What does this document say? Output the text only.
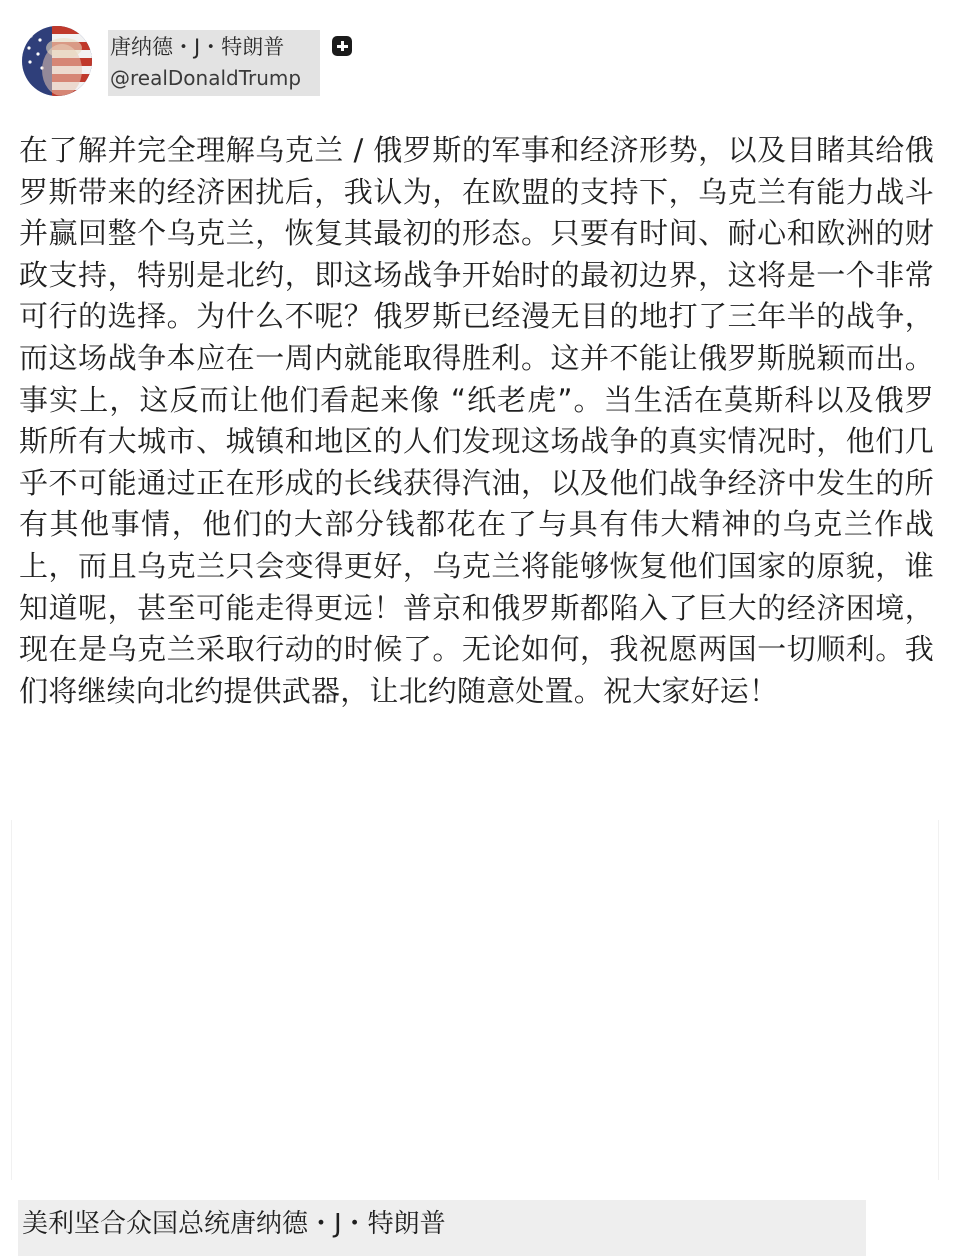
唐纳德・J・特朗普
@realDonaldTrump
在了解并完全理解乌克兰 / 俄罗斯的军事和经济形势，以及目睹其给俄罗斯带来的经济困扰后，我认为，在欧盟的支持下，乌克兰有能力战斗并赢回整个乌克兰，恢复其最初的形态。只要有时间、耐心和欧洲的财政支持，特别是北约，即这场战争开始时的最初边界，这将是一个非常可行的选择。为什么不呢？俄罗斯已经漫无目的地打了三年半的战争，而这场战争本应在一周内就能取得胜利。这并不能让俄罗斯脱颖而出。事实上，这反而让他们看起来像 “纸老虎”。当生活在莫斯科以及俄罗斯所有大城市、城镇和地区的人们发现这场战争的真实情况时，他们几乎不可能通过正在形成的长线获得汽油，以及他们战争经济中发生的所有其他事情，他们的大部分钱都花在了与具有伟大精神的乌克兰作战上，而且乌克兰只会变得更好，乌克兰将能够恢复他们国家的原貌，谁知道呢，甚至可能走得更远！普京和俄罗斯都陷入了巨大的经济困境，现在是乌克兰采取行动的时候了。无论如何，我祝愿两国一切顺利。我们将继续向北约提供武器，让北约随意处置。祝大家好运！
美利坚合众国总统唐纳德・J・特朗普
